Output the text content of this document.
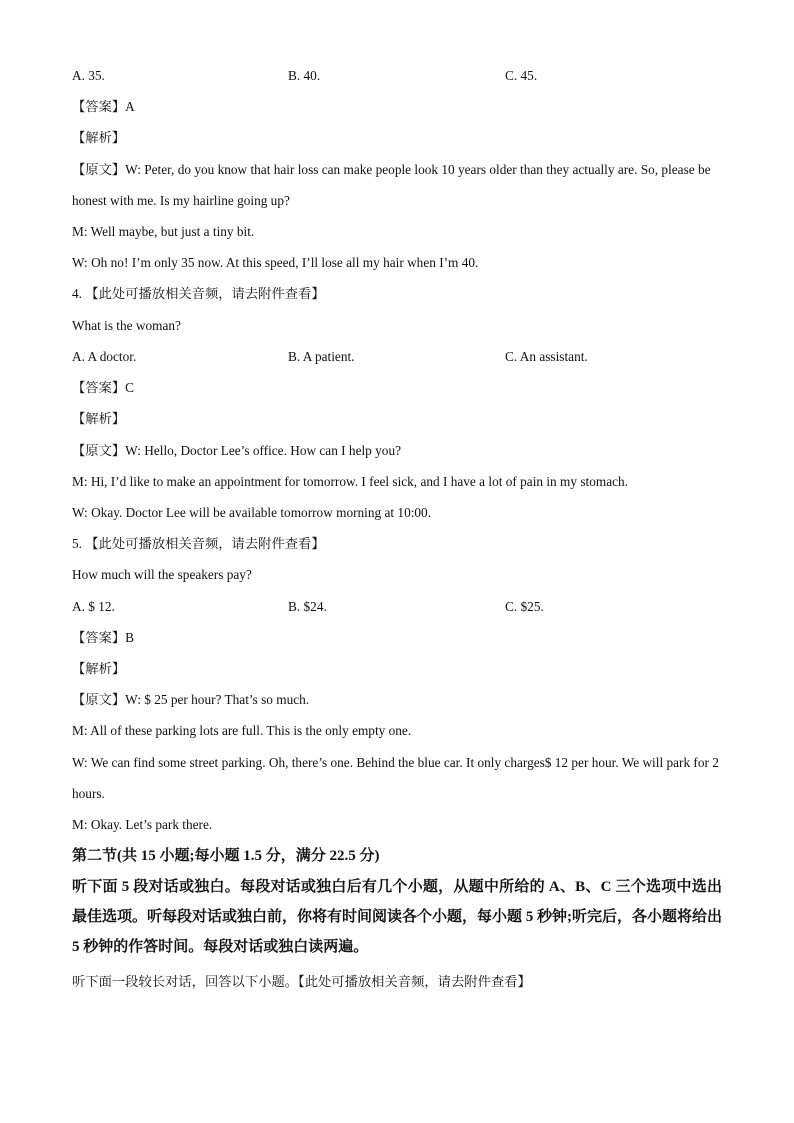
A. 35.	B. 40.	C. 45.
【答案】A
【解析】
【原文】W: Peter, do you know that hair loss can make people look 10 years older than they actually are. So, please be honest with me. Is my hairline going up?
M: Well maybe, but just a tiny bit.
W: Oh no! I’m only 35 now. At this speed, I’ll lose all my hair when I’m 40.
4. 【此处可播放相关音频，请去附件查看】
What is the woman?
A. A doctor.	B. A patient.	C. An assistant.
【答案】C
【解析】
【原文】W: Hello, Doctor Lee’s office. How can I help you?
M: Hi, I’d like to make an appointment for tomorrow. I feel sick, and I have a lot of pain in my stomach.
W: Okay. Doctor Lee will be available tomorrow morning at 10:00.
5. 【此处可播放相关音频，请去附件查看】
How much will the speakers pay?
A. $ 12.	B. $24.	C. $25.
【答案】B
【解析】
【原文】W: $ 25 per hour? That’s so much.
M: All of these parking lots are full. This is the only empty one.
W: We can find some street parking. Oh, there’s one. Behind the blue car. It only charges$ 12 per hour. We will park for 2 hours.
M: Okay. Let’s park there.
第二节(共 15 小题;每小题 1.5 分，满分 22.5 分)
听下面 5 段对话或独白。每段对话或独白后有几个小题，从题中所给的 A、B、C 三个选项中选出最佳选项。听每段对话或独白前，你将有时间阅读各个小题，每小题 5 秒钟;听完后，各小题将给出 5 秒钟的作答时间。每段对话或独白读两遍。
听下面一段较长对话，回答以下小题。【此处可播放相关音频，请去附件查看】
